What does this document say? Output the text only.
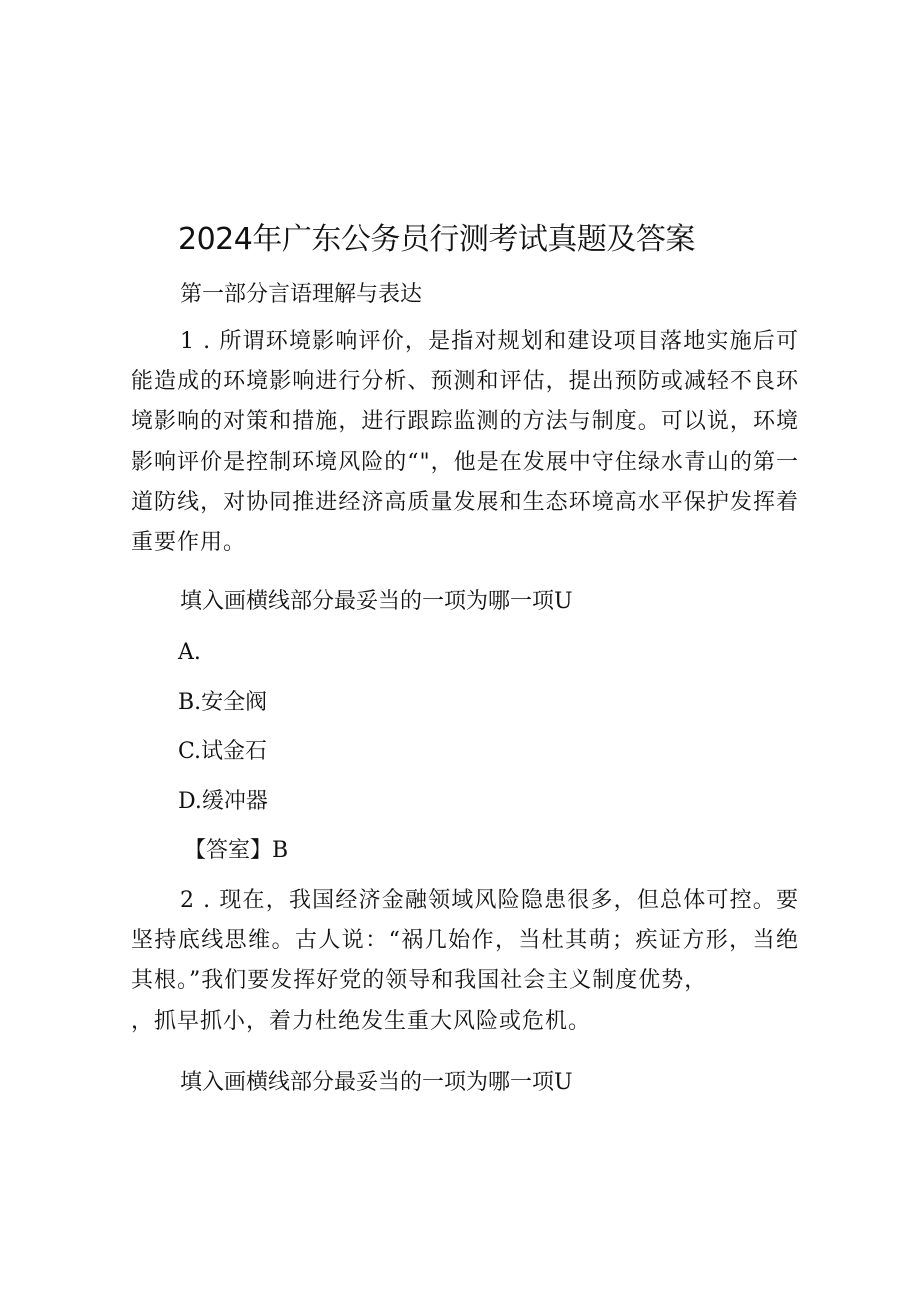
2024年广东公务员行测考试真题及答案
第一部分言语理解与表达
1 . 所谓环境影响评价，是指对规划和建设项目落地实施后可能造成的环境影响进行分析、预测和评估，提出预防或减轻不良环境影响的对策和措施，进行跟踪监测的方法与制度。可以说，环境影响评价是控制环境风险的“"，他是在发展中守住绿水青山的第一道防线，对协同推进经济高质量发展和生态环境高水平保护发挥着重要作用。
填入画横线部分最妥当的一项为哪一项U
A.
B.安全阀
C.试金石
D.缓冲器
【答室】B
2 . 现在，我国经济金融领域风险隐患很多，但总体可控。要坚持底线思维。古人说：“祸几始作，当杜其萌；疾证方形，当绝其根。”我们要发挥好党的领导和我国社会主义制度优势，
，抓早抓小，着力杜绝发生重大风险或危机。
填入画横线部分最妥当的一项为哪一项U
